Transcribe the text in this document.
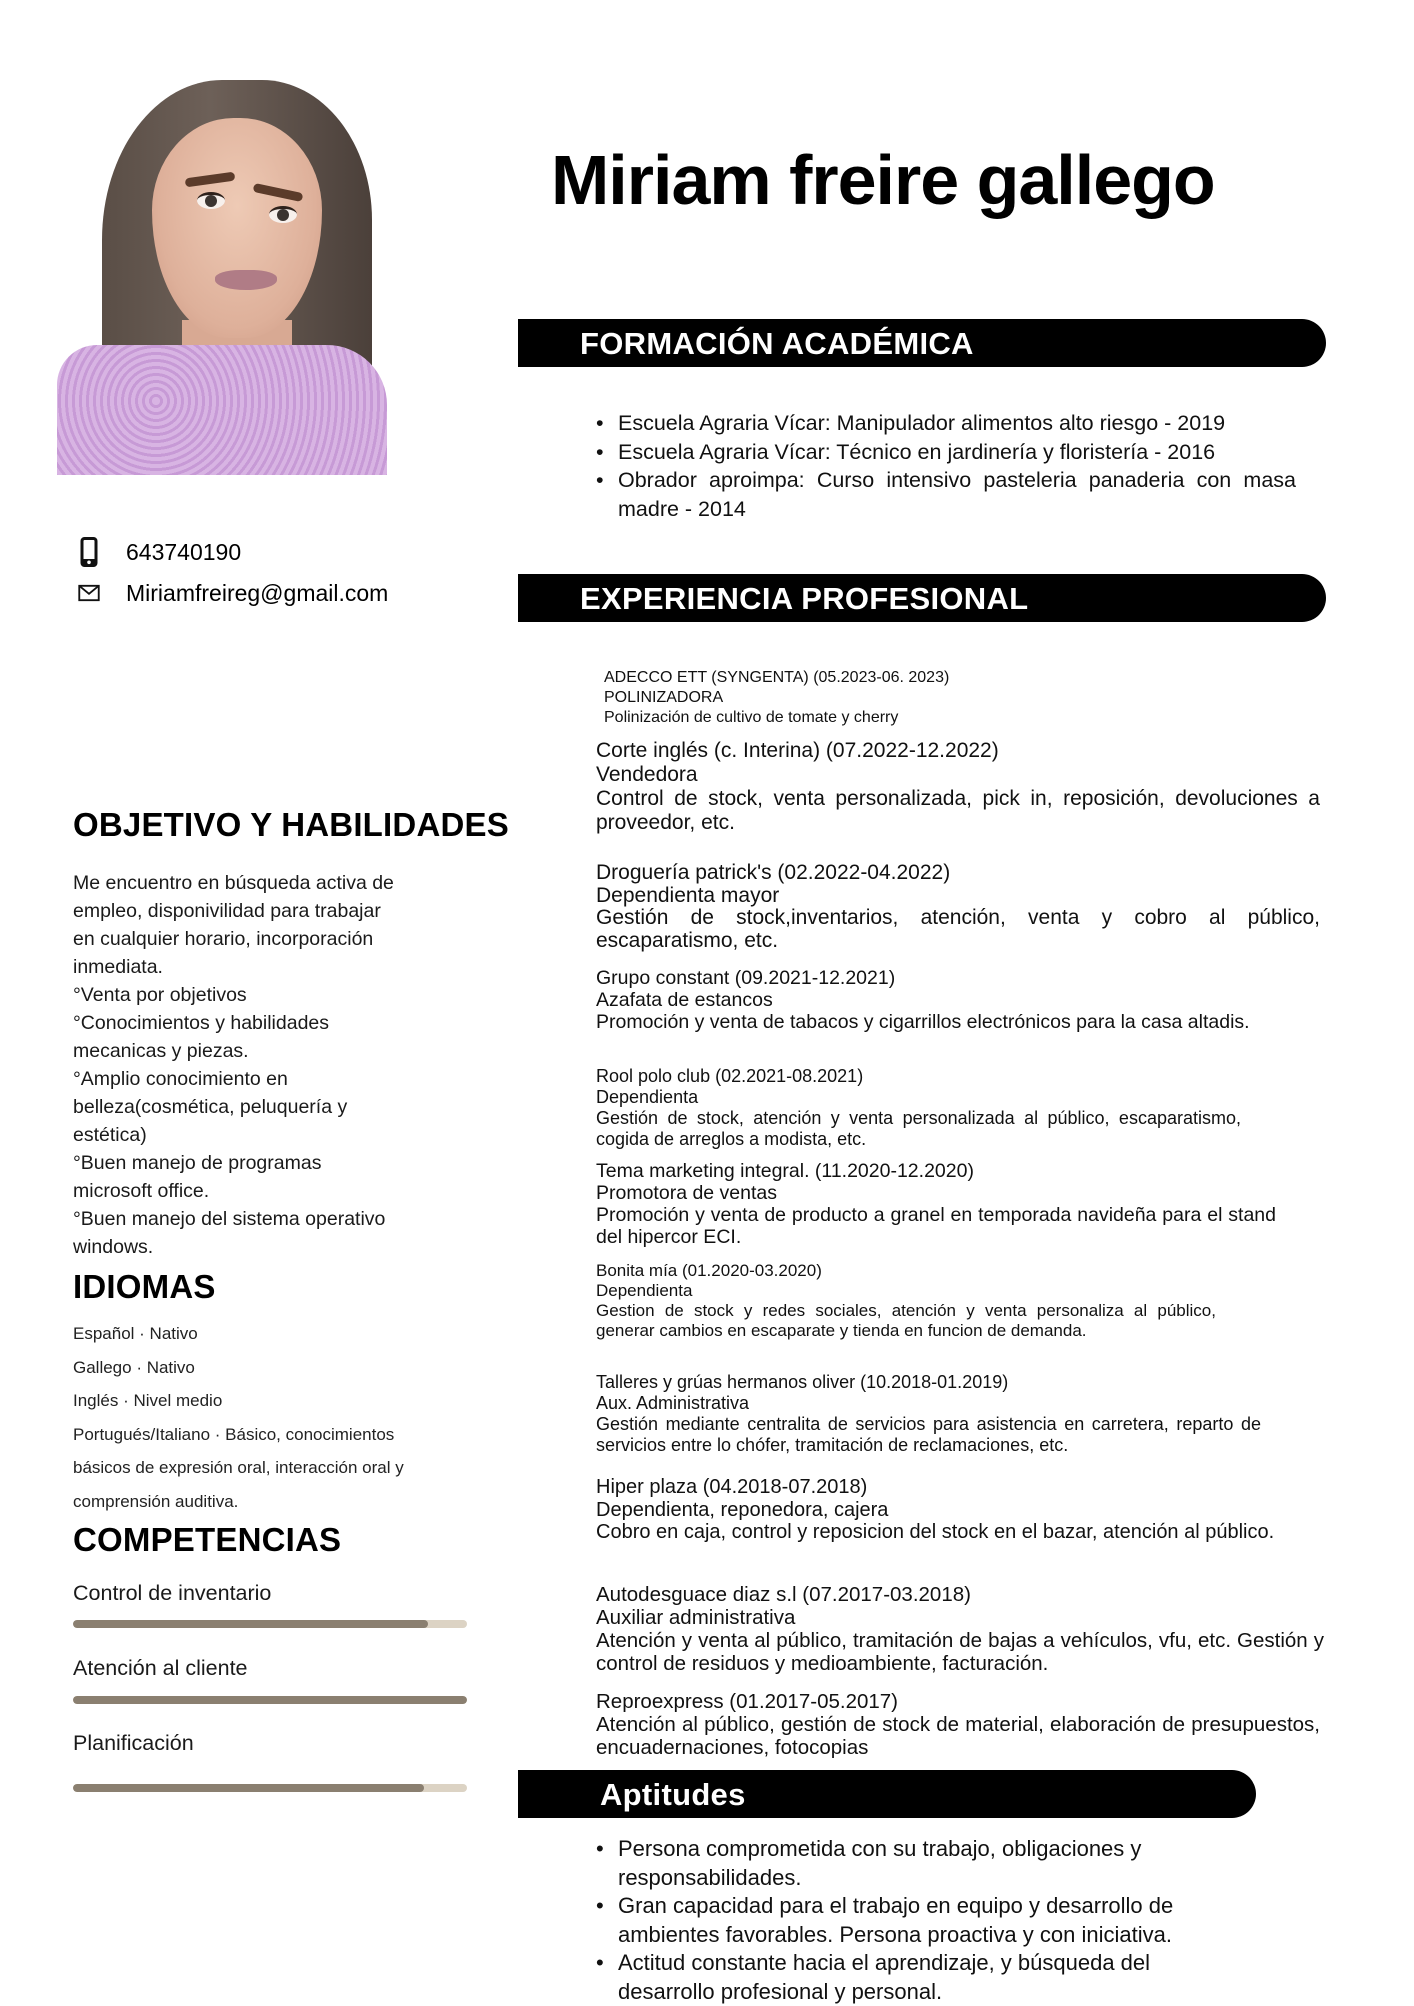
Miriam freire gallego
643740190
Miriamfreireg@gmail.com
FORMACIÓN ACADÉMICA
• Escuela Agraria Vícar: Manipulador alimentos alto riesgo - 2019
• Escuela Agraria Vícar: Técnico en jardinería y floristería - 2016
• Obrador aproimpa: Curso intensivo pasteleria panaderia con masa madre - 2014
EXPERIENCIA PROFESIONAL
ADECCO ETT (SYNGENTA) (05.2023-06. 2023)
POLINIZADORA
Polinización de cultivo de tomate y cherry
Corte inglés (c. Interina) (07.2022-12.2022)
Vendedora
Control de stock, venta personalizada, pick in, reposición, devoluciones a proveedor, etc.
Droguería patrick's (02.2022-04.2022)
Dependienta mayor
Gestión de stock,inventarios, atención, venta y cobro al público, escaparatismo, etc.
Grupo constant (09.2021-12.2021)
Azafata de estancos
Promoción y venta de tabacos y cigarrillos electrónicos para la casa altadis.
Rool polo club (02.2021-08.2021)
Dependienta
Gestión de stock, atención y venta personalizada al público, escaparatismo, cogida de arreglos a modista, etc.
Tema marketing integral. (11.2020-12.2020)
Promotora de ventas
Promoción y venta de producto a granel en temporada navideña para el stand del hipercor ECI.
Bonita mía (01.2020-03.2020)
Dependienta
Gestion de stock y redes sociales, atención y venta personaliza al público, generar cambios en escaparate y tienda en funcion de demanda.
Talleres y grúas hermanos oliver (10.2018-01.2019)
Aux. Administrativa
Gestión mediante centralita de servicios para asistencia en carretera, reparto de servicios entre lo chófer, tramitación de reclamaciones, etc.
Hiper plaza (04.2018-07.2018)
Dependienta, reponedora, cajera
Cobro en caja, control y reposicion del stock en el bazar, atención al público.
Autodesguace diaz s.l (07.2017-03.2018)
Auxiliar administrativa
Atención y venta al público, tramitación de bajas a vehículos, vfu, etc. Gestión y control de residuos y medioambiente, facturación.
Reproexpress (01.2017-05.2017)
Atención al público, gestión de stock de material, elaboración de presupuestos, encuadernaciones, fotocopias
Aptitudes
• Persona comprometida con su trabajo, obligaciones y responsabilidades.
• Gran capacidad para el trabajo en equipo y desarrollo de ambientes favorables. Persona proactiva y con iniciativa.
• Actitud constante hacia el aprendizaje, y búsqueda del desarrollo profesional y personal.
OBJETIVO Y HABILIDADES
Me encuentro en búsqueda activa de
empleo, disponivilidad para trabajar
en cualquier horario, incorporación
inmediata.
°Venta por objetivos
°Conocimientos y habilidades
mecanicas y piezas.
°Amplio conocimiento en
belleza(cosmética, peluquería y
estética)
°Buen manejo de programas
microsoft office.
°Buen manejo del sistema operativo
windows.
IDIOMAS
Español · Nativo
Gallego · Nativo
Inglés · Nivel medio
Portugués/Italiano · Básico, conocimientos
básicos de expresión oral, interacción oral y
comprensión auditiva.
COMPETENCIAS
Control de inventario
Atención al cliente
Planificación
